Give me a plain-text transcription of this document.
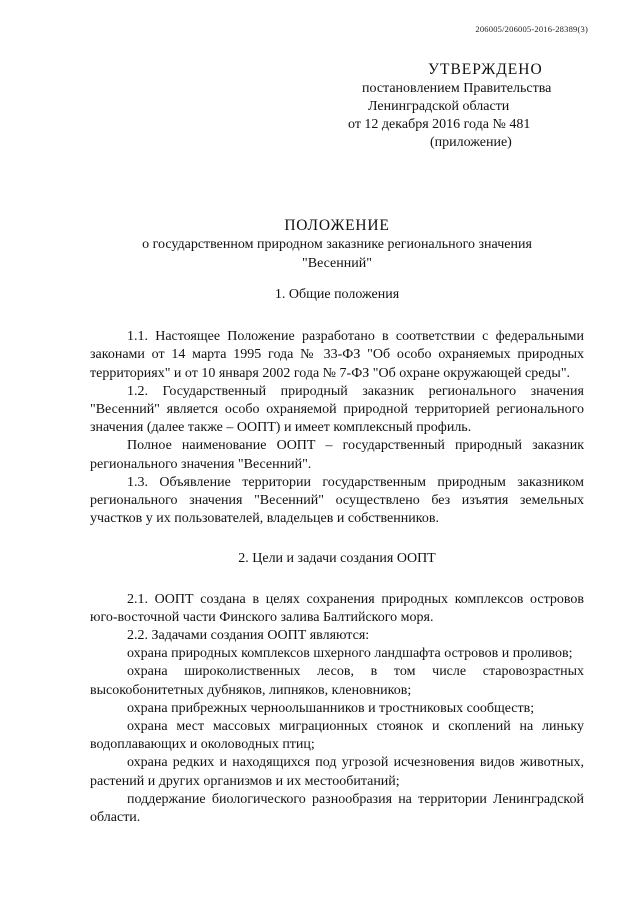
206005/206005-2016-28389(3)
УТВЕРЖДЕНО
постановлением Правительства
Ленинградской области
от 12 декабря 2016 года № 481
(приложение)
ПОЛОЖЕНИЕ
о государственном природном заказнике регионального значения
"Весенний"
1. Общие положения

1.1. Настоящее Положение разработано в соответствии с федеральными законами от 14 марта 1995 года № 33-ФЗ "Об особо охраняемых природных территориях" и от 10 января 2002 года № 7-ФЗ "Об охране окружающей среды".

1.2. Государственный природный заказник регионального значения "Весенний" является особо охраняемой природной территорией регионального значения (далее также – ООПТ) и имеет комплексный профиль.

Полное наименование ООПТ – государственный природный заказник регионального значения "Весенний".

1.3. Объявление территории государственным природным заказником регионального значения "Весенний" осуществлено без изъятия земельных участков у их пользователей, владельцев и собственников.

2. Цели и задачи создания ООПТ

2.1. ООПТ создана в целях сохранения природных комплексов островов юго-восточной части Финского залива Балтийского моря.

2.2. Задачами создания ООПТ являются:

охрана природных комплексов шхерного ландшафта островов и проливов;

охрана широколиственных лесов, в том числе старовозрастных высокобонитетных дубняков, липняков, кленовников;

охрана прибрежных черноольшанников и тростниковых сообществ;

охрана мест массовых миграционных стоянок и скоплений на линьку водоплавающих и околоводных птиц;

охрана редких и находящихся под угрозой исчезновения видов животных, растений и других организмов и их местообитаний;

поддержание биологического разнообразия на территории Ленинградской области.
